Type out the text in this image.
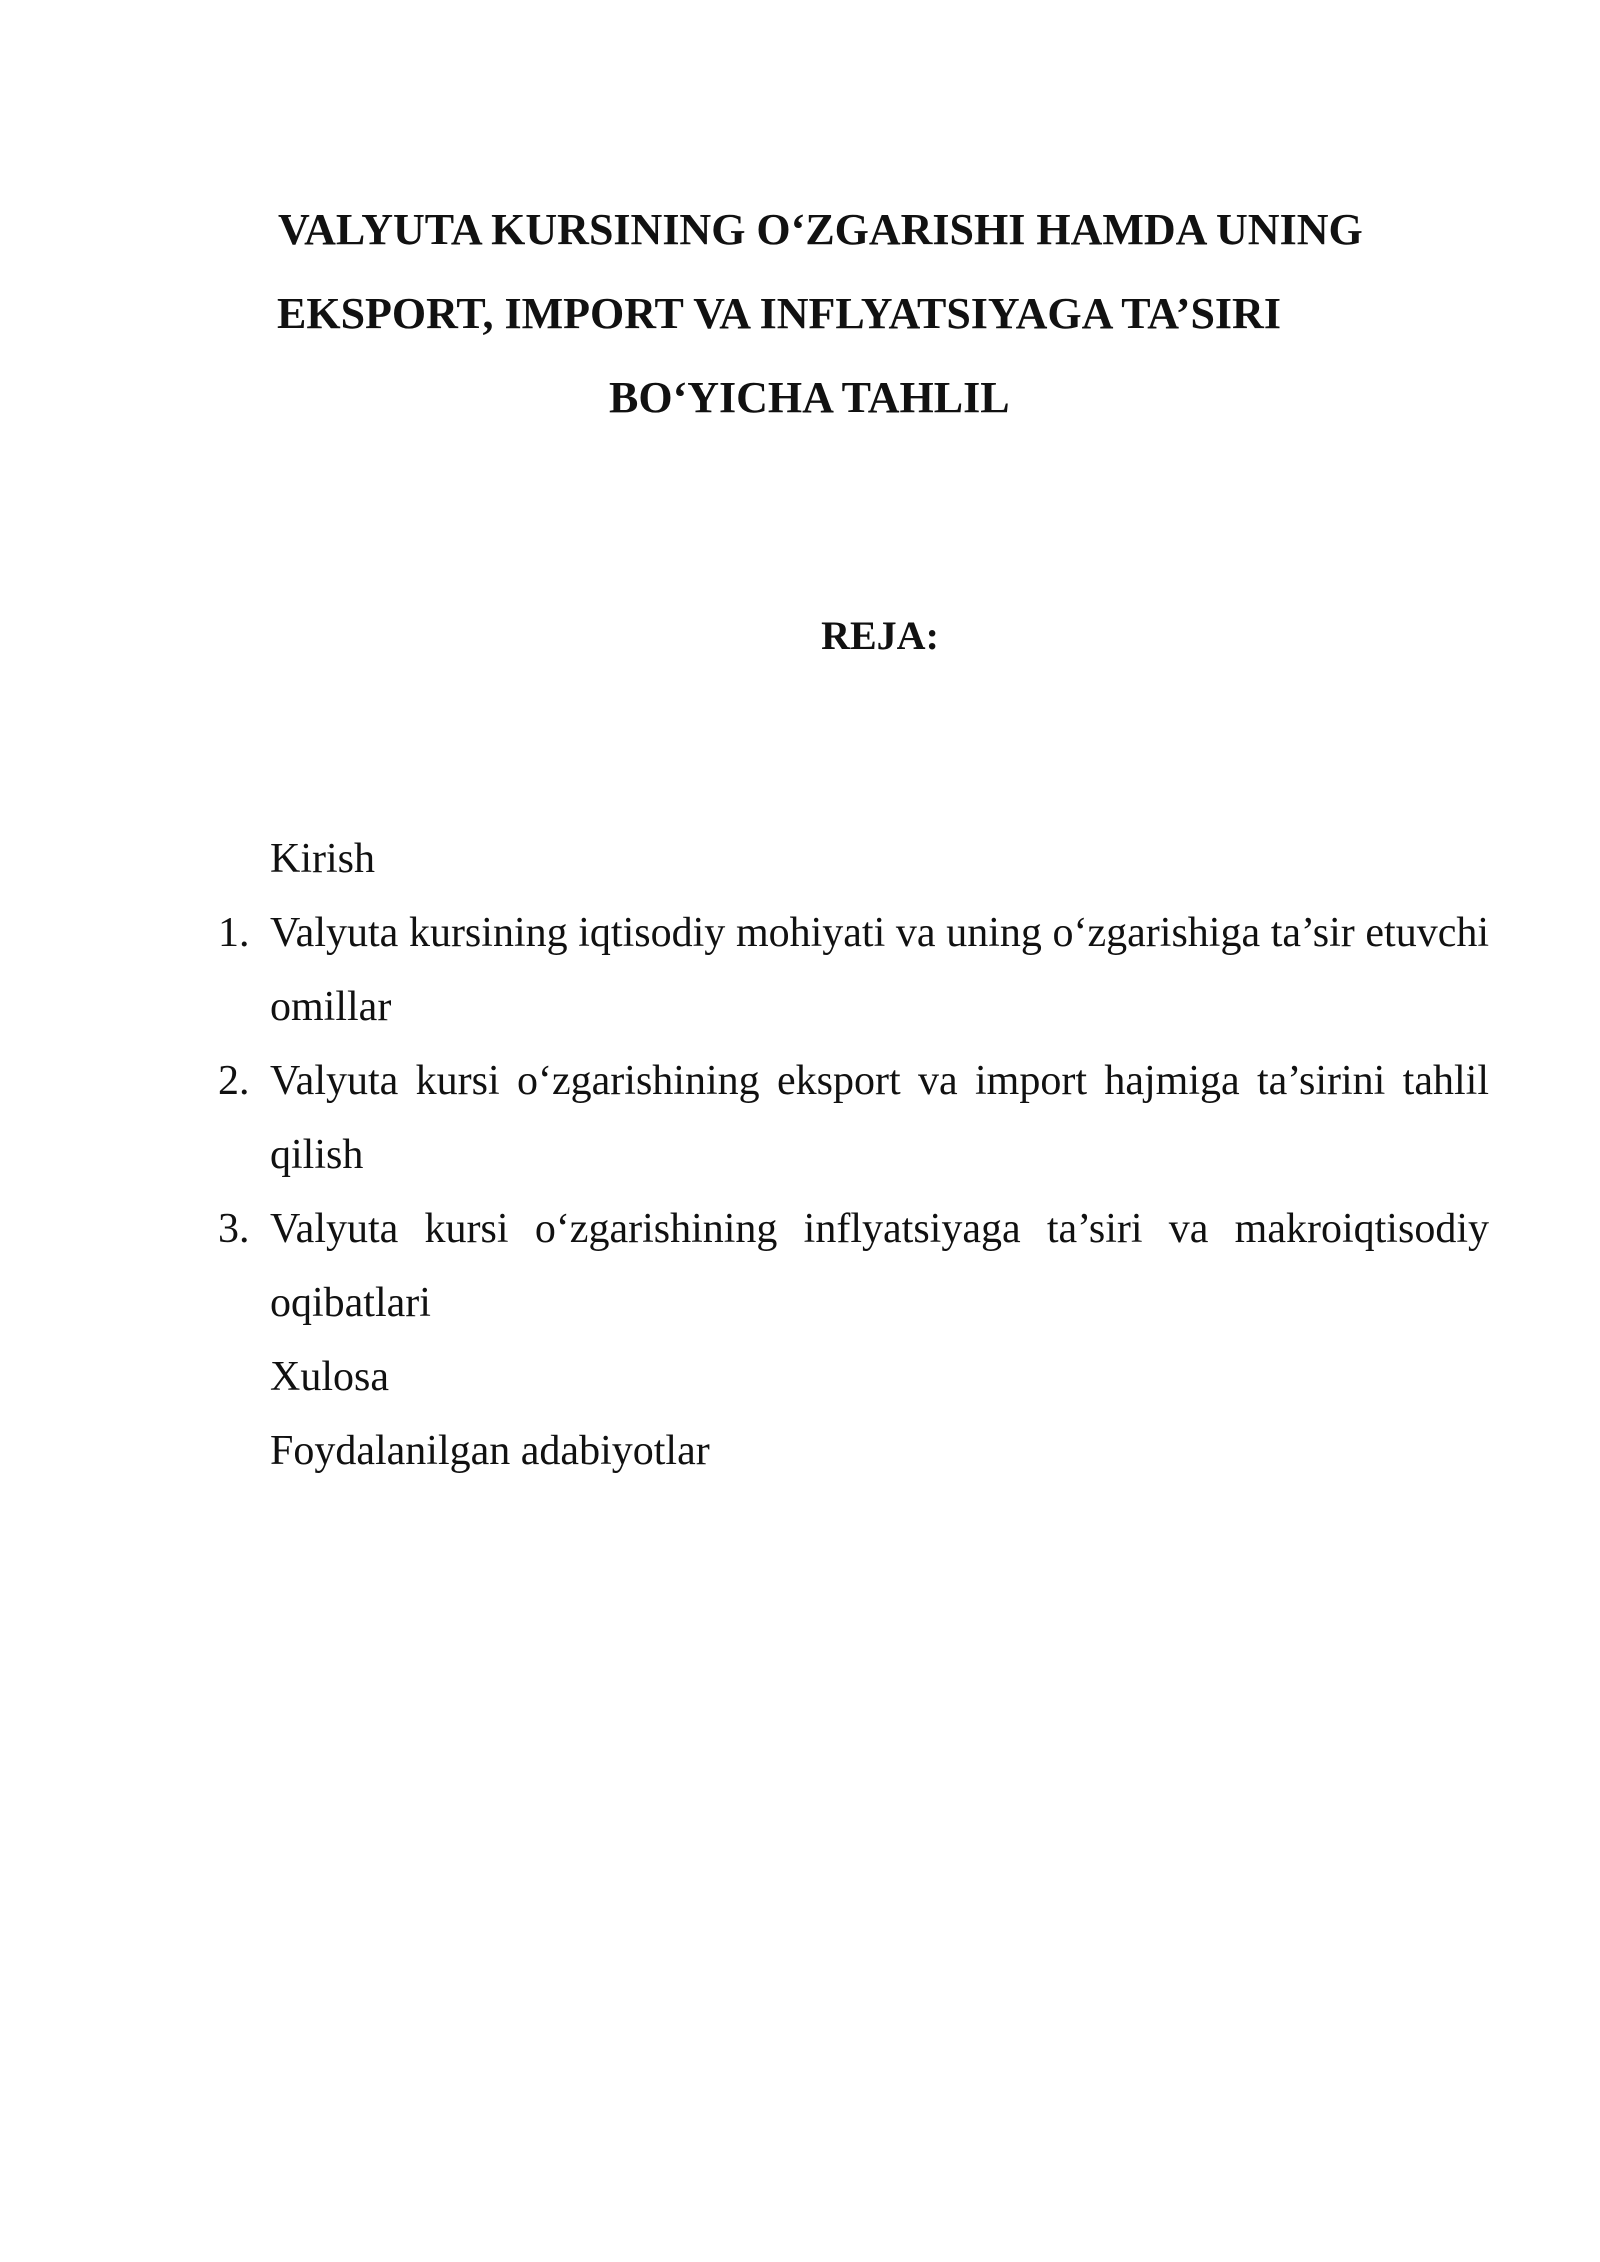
VALYUTA KURSINING O‘ZGARISHI HAMDA UNING
EKSPORT, IMPORT VA INFLYATSIYAGA TA’SIRI
BO‘YICHA TAHLIL
REJA:
Kirish
1. Valyuta kursining iqtisodiy mohiyati va uning o‘zgarishiga ta’sir etuvchi omillar
2. Valyuta kursi o‘zgarishining eksport va import hajmiga ta’sirini tahlil qilish
3. Valyuta kursi o‘zgarishining inflyatsiyaga ta’siri va makroiqtisodiy oqibatlari
Xulosa
Foydalanilgan adabiyotlar
